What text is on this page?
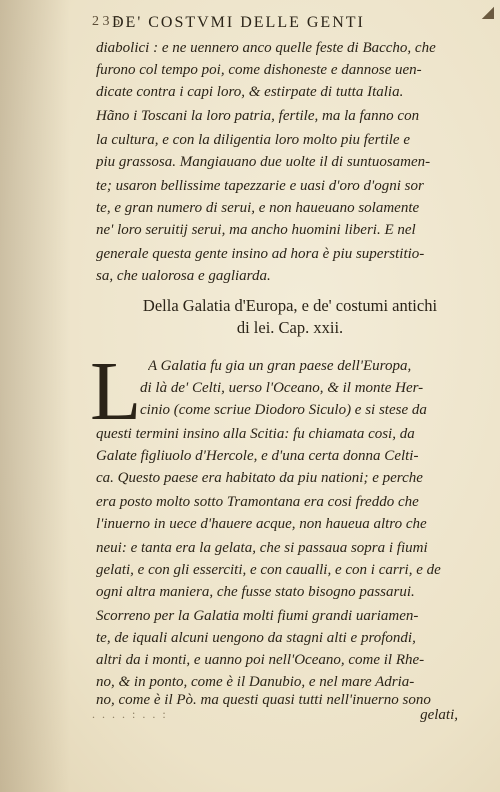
2 3 5
DE' COSTVMI DELLE GENTI
◢
diabolici : e ne uennero anco quelle feste di Baccho, che
furono col tempo poi, come dishoneste e dannose uen-
dicate contra i capi loro, & estirpate di tutta Italia.
Hãno i Toscani la loro patria, fertile, ma la fanno con
la cultura, e con la diligentia loro molto piu fertile e
piu grassosa. Mangiauano due uolte il di suntuosamen-
te; usaron bellissime tapezzarie e uasi d'oro d'ogni sor
te, e gran numero di serui, e non haueuano solamente
ne' loro seruitij serui, ma ancho huomini liberi. E nel
generale questa gente insino ad hora è piu superstitio-
sa, che ualorosa e gagliarda.
Della Galatia d'Europa, e de' costumi antichi
di lei. Cap. xxii.
L A Galatia fu gia un gran paese dell'Europa,
di là de' Celti, uerso l'Oceano, & il monte Her-
cinio (come scriue Diodoro Siculo) e si stese da
questi termini insino alla Scitia: fu chiamata cosi, da
Galate figliuolo d'Hercole, e d'una certa donna Celti-
ca. Questo paese era habitato da piu nationi; e perche
era posto molto sotto Tramontana era cosi freddo che
l'inuerno in uece d'hauere acque, non haueua altro che
neui: e tanta era la gelata, che si passaua sopra i fiumi
gelati, e con gli esserciti, e con caualli, e con i carri, e de
ogni altra maniera, che fusse stato bisogno passarui.
Scorreno per la Galatia molti fiumi grandi uariamen-
te, de iquali alcuni uengono da stagni alti e profondi,
altri da i monti, e uanno poi nell'Oceano, come il Rhe-
no, & in ponto, come è il Danubio, e nel mare Adria-
no, come è il Pò. ma questi quasi tutti nell'inuerno sono
. . . . : . . :	gelati,
